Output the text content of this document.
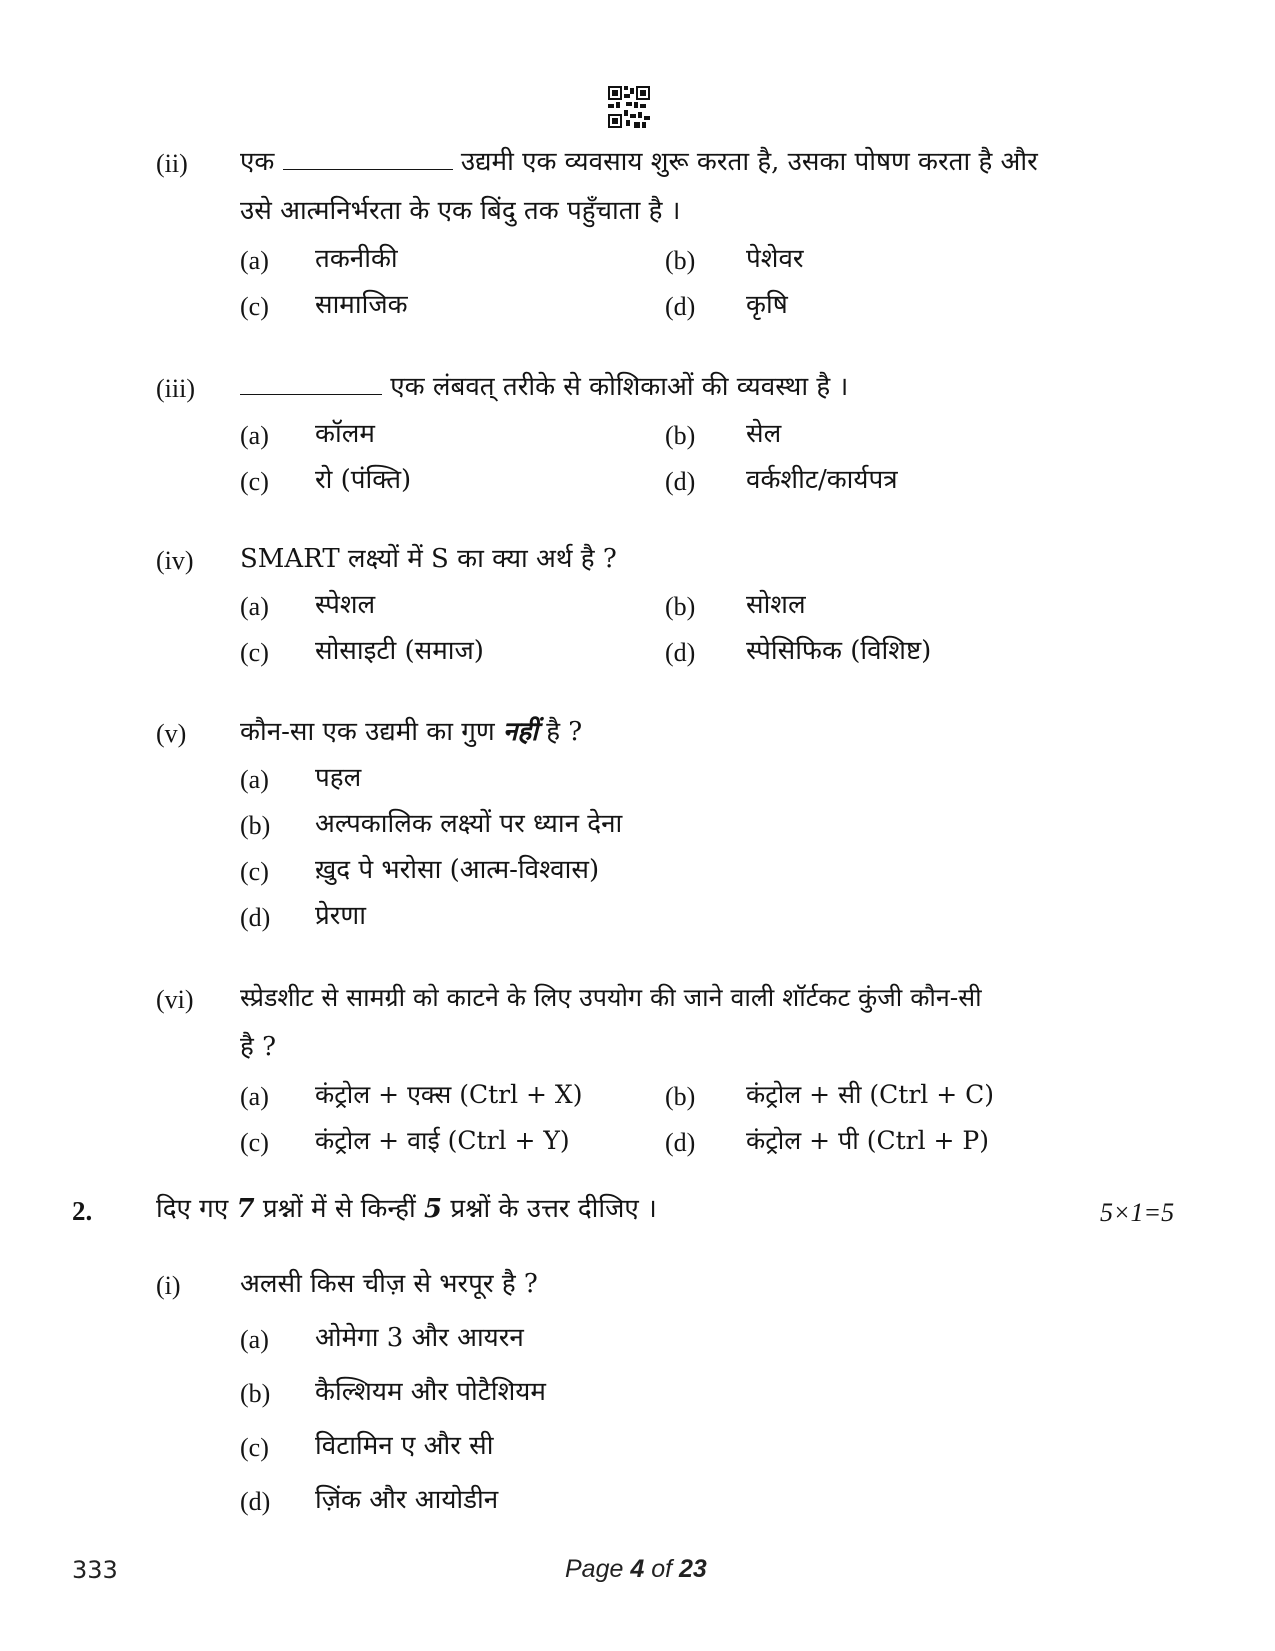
(ii) एक	उद्यमी एक व्यवसाय शुरू करता है, उसका पोषण करता है और
उसे आत्मनिर्भरता के एक बिंदु तक पहुँचाता है ।
(a) तकनीकी	(b) पेशेवर
(c) सामाजिक	(d) कृषि
(iii)	एक लंबवत् तरीके से कोशिकाओं की व्यवस्था है ।
(a) कॉलम	(b) सेल
(c) रो (पंक्ति)	(d) वर्कशीट/कार्यपत्र
(iv) SMART लक्ष्यों में S का क्या अर्थ है ?
(a) स्पेशल	(b) सोशल
(c) सोसाइटी (समाज)	(d) स्पेसिफिक (विशिष्ट)
(v) कौन-सा एक उद्यमी का गुण नहीं है ?
(a) पहल
(b) अल्पकालिक लक्ष्यों पर ध्यान देना
(c) ख़ुद पे भरोसा (आत्म-विश्वास)
(d) प्रेरणा
(vi) स्प्रेडशीट से सामग्री को काटने के लिए उपयोग की जाने वाली शॉर्टकट कुंजी कौन-सी
है ?
(a) कंट्रोल + एक्स (Ctrl + X)	(b) कंट्रोल + सी (Ctrl + C)
(c) कंट्रोल + वाई (Ctrl + Y)	(d) कंट्रोल + पी (Ctrl + P)
2. दिए गए 7 प्रश्नों में से किन्हीं 5 प्रश्नों के उत्तर दीजिए ।	5×1=5
(i) अलसी किस चीज़ से भरपूर है ?
(a) ओमेगा 3 और आयरन
(b) कैल्शियम और पोटैशियम
(c) विटामिन ए और सी
(d) ज़िंक और आयोडीन
333	Page 4 of 23
